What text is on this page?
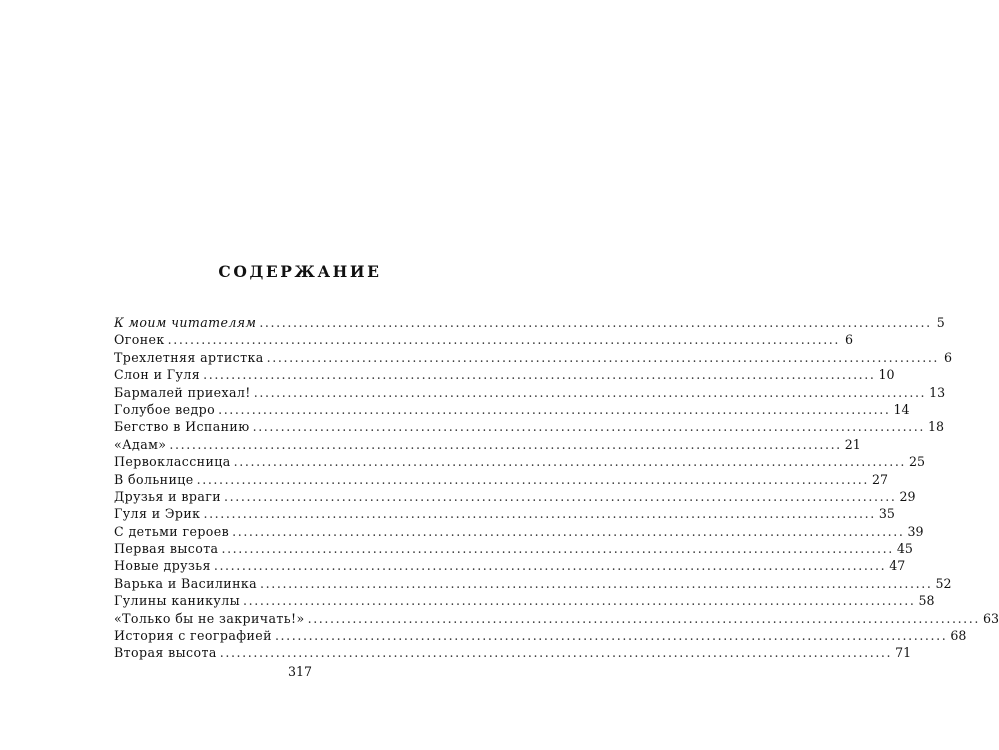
СОДЕРЖАНИЕ
К моим читателям ........................................................................................................................ 5
Огонек ........................................................................................................................ 6
Трехлетняя артистка ........................................................................................................................ 6
Слон и Гуля ........................................................................................................................ 10
Бармалей приехал! ........................................................................................................................ 13
Голубое ведро ........................................................................................................................ 14
Бегство в Испанию ........................................................................................................................ 18
«Адам» ........................................................................................................................ 21
Первоклассница ........................................................................................................................ 25
В больнице ........................................................................................................................ 27
Друзья и враги ........................................................................................................................ 29
Гуля и Эрик ........................................................................................................................ 35
С детьми героев ........................................................................................................................ 39
Первая высота ........................................................................................................................ 45
Новые друзья ........................................................................................................................ 47
Варька и Василинка ........................................................................................................................ 52
Гулины каникулы ........................................................................................................................ 58
«Только бы не закричать!» ........................................................................................................................ 63
История с географией ........................................................................................................................ 68
Вторая высота ........................................................................................................................ 71
317
